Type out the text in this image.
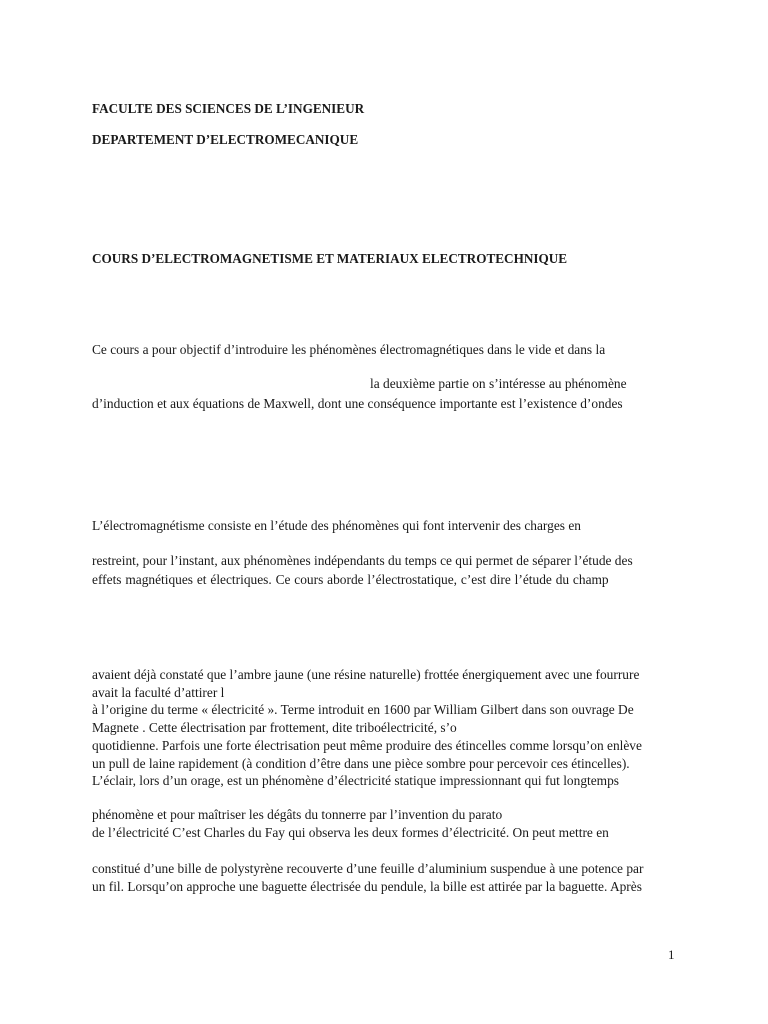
FACULTE DES SCIENCES DE L’INGENIEUR
DEPARTEMENT D’ELECTROMECANIQUE
COURS D’ELECTROMAGNETISME ET MATERIAUX ELECTROTECHNIQUE
Ce cours a pour objectif d’introduire les phénomènes électromagnétiques dans le vide et dans la
la deuxième partie on s’intéresse au phénomène
d’induction et aux équations de Maxwell, dont une conséquence importante est l’existence d’ondes
L’électromagnétisme consiste en l’étude des phénomènes qui font intervenir des charges en
restreint, pour l’instant, aux phénomènes indépendants du temps ce qui permet de séparer l’étude des
effets magnétiques et électriques. Ce cours aborde l’électrostatique, c’est dire l’étude du champ
avaient déjà constaté que l’ambre jaune (une résine naturelle) frottée énergiquement avec une fourrure
avait la faculté d’attirer l
à l’origine du terme « électricité ». Terme introduit en 1600 par William Gilbert dans son ouvrage De
Magnete . Cette électrisation par frottement, dite triboélectricité, s’o
quotidienne. Parfois une forte électrisation peut même produire des étincelles comme lorsqu’on enlève
un pull de laine rapidement (à condition d’être dans une pièce sombre pour percevoir ces étincelles).
L’éclair, lors d’un orage, est un phénomène d’électricité statique impressionnant qui fut longtemps
phénomène et pour maîtriser les dégâts du tonnerre par l’invention du parato
de l’électricité C’est Charles du Fay qui observa les deux formes d’électricité. On peut mettre en
constitué d’une bille de polystyrène recouverte d’une feuille d’aluminium suspendue à une potence par
un fil. Lorsqu’on approche une baguette électrisée du pendule, la bille est attirée par la baguette. Après
1
